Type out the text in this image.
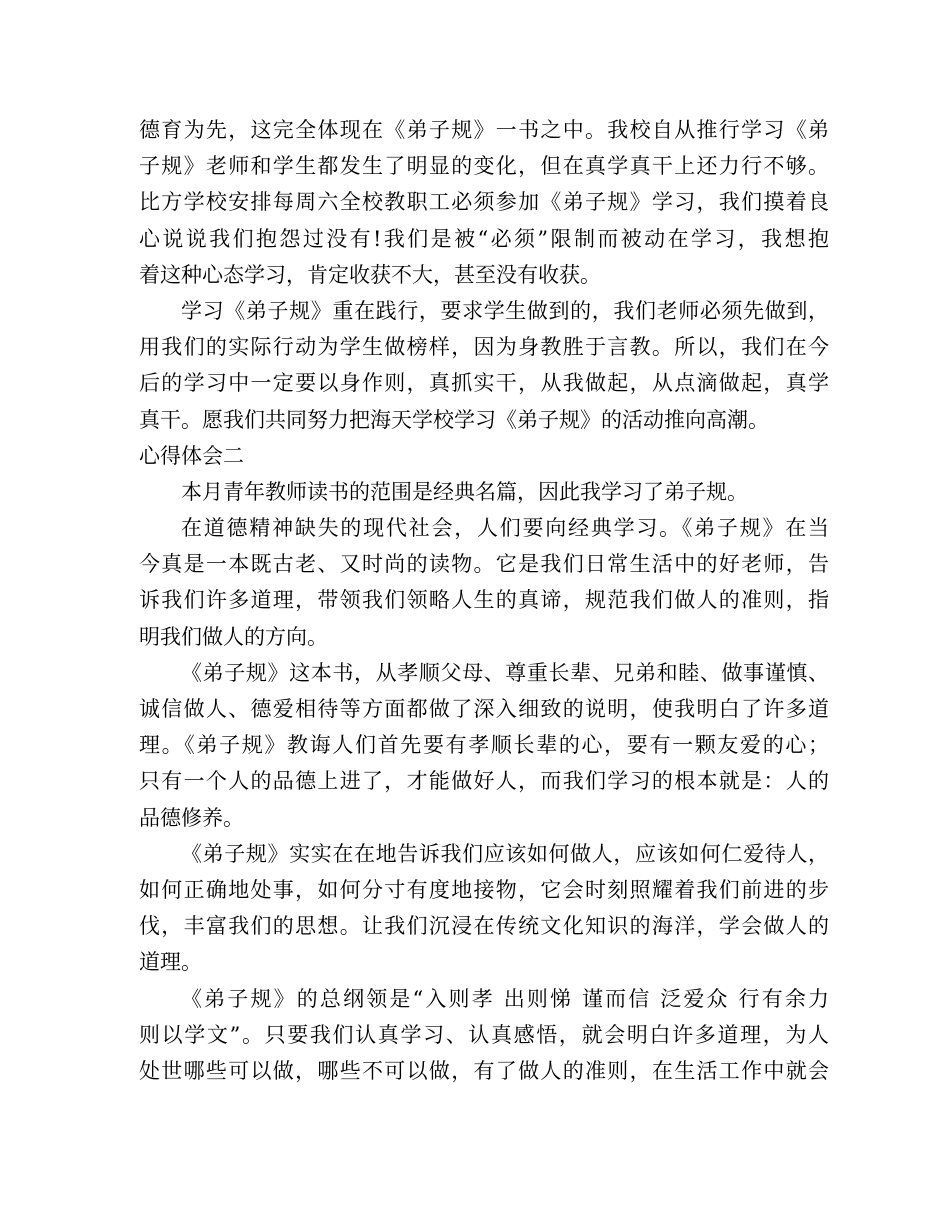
德育为先，这完全体现在《弟子规》一书之中。我校自从推行学习《弟
子规》老师和学生都发生了明显的变化，但在真学真干上还力行不够。
比方学校安排每周六全校教职工必须参加《弟子规》学习，我们摸着良
心说说我们抱怨过没有!我们是被“必须”限制而被动在学习，我想抱
着这种心态学习，肯定收获不大，甚至没有收获。
学习《弟子规》重在践行，要求学生做到的，我们老师必须先做到，
用我们的实际行动为学生做榜样，因为身教胜于言教。所以，我们在今
后的学习中一定要以身作则，真抓实干，从我做起，从点滴做起，真学
真干。愿我们共同努力把海天学校学习《弟子规》的活动推向高潮。
心得体会二
本月青年教师读书的范围是经典名篇，因此我学习了弟子规。
在道德精神缺失的现代社会，人们要向经典学习。《弟子规》在当
今真是一本既古老、又时尚的读物。它是我们日常生活中的好老师，告
诉我们许多道理，带领我们领略人生的真谛，规范我们做人的准则，指
明我们做人的方向。
《弟子规》这本书，从孝顺父母、尊重长辈、兄弟和睦、做事谨慎、
诚信做人、德爱相待等方面都做了深入细致的说明，使我明白了许多道
理。《弟子规》教诲人们首先要有孝顺长辈的心，要有一颗友爱的心；
只有一个人的品德上进了，才能做好人，而我们学习的根本就是：人的
品德修养。
《弟子规》实实在在地告诉我们应该如何做人，应该如何仁爱待人，
如何正确地处事，如何分寸有度地接物，它会时刻照耀着我们前进的步
伐，丰富我们的思想。让我们沉浸在传统文化知识的海洋，学会做人的
道理。
《弟子规》的总纲领是“入则孝 出则悌 谨而信 泛爱众 行有余力
则以学文”。只要我们认真学习、认真感悟，就会明白许多道理，为人
处世哪些可以做，哪些不可以做，有了做人的准则，在生活工作中就会
